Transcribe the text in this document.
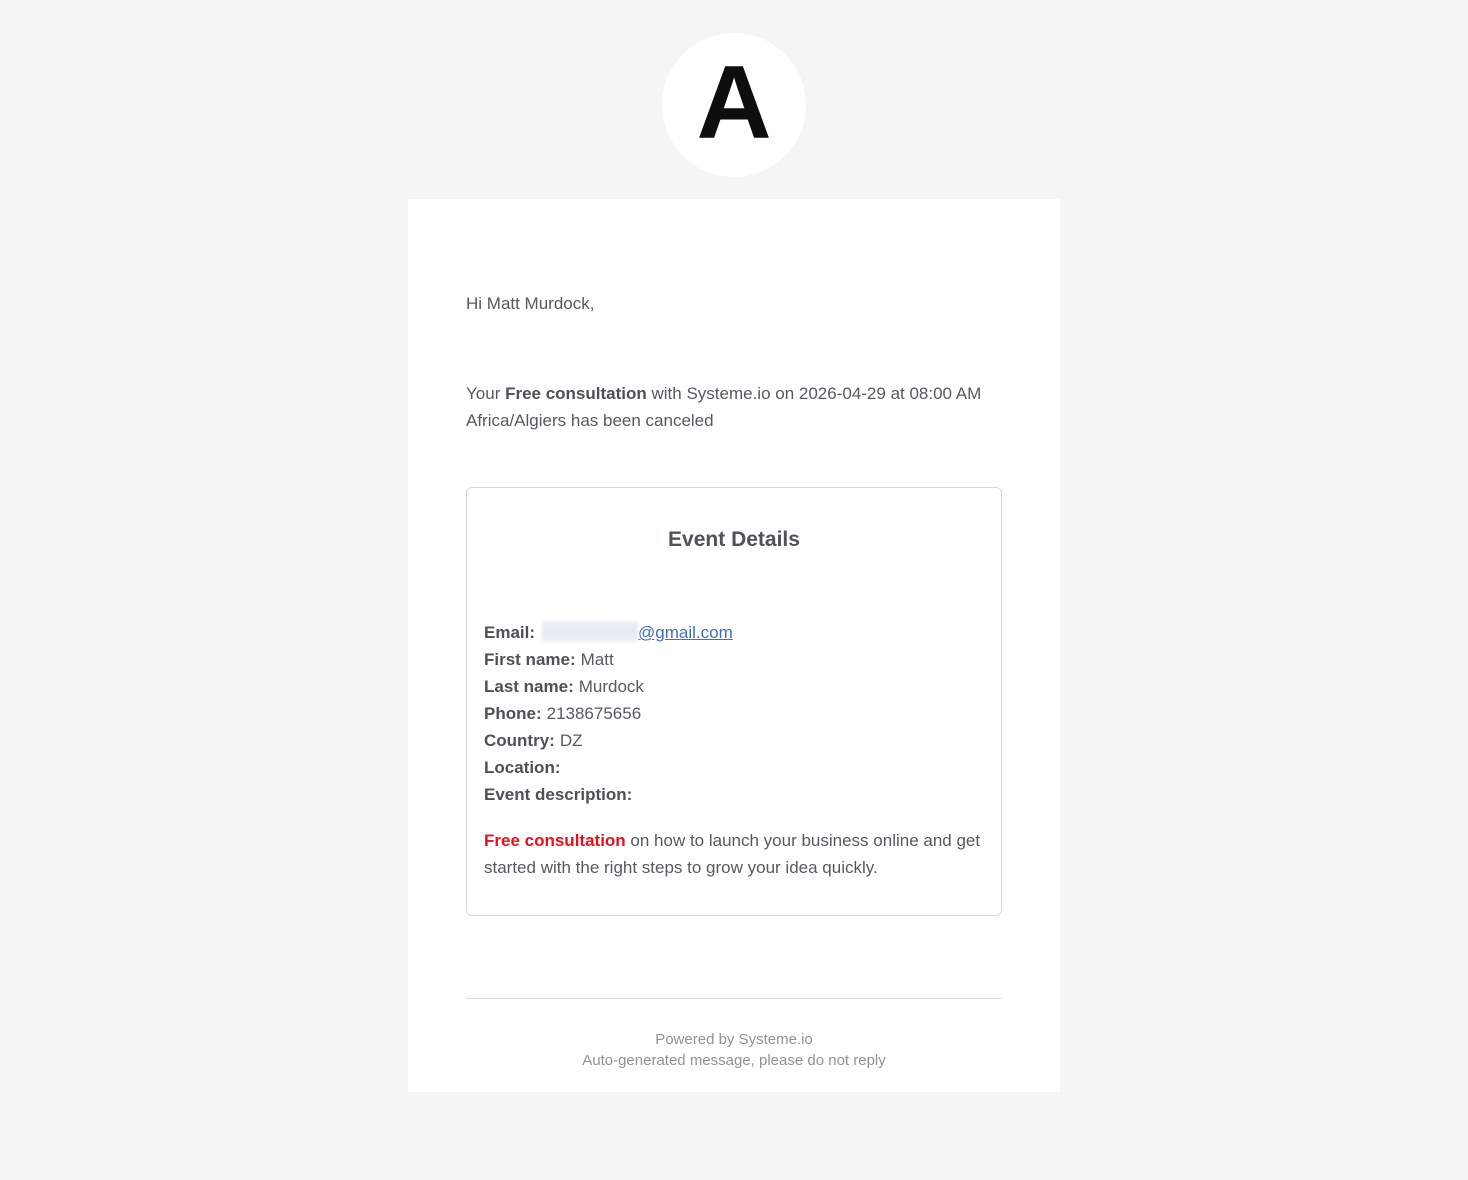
A

Hi Matt Murdock,

Your Free consultation with Systeme.io on 2026-04-29 at 08:00 AM Africa/Algiers has been canceled

Event Details
Email:	@gmail.com
First name: Matt
Last name: Murdock
Phone: 2138675656
Country: DZ
Location:
Event description:

Free consultation on how to launch your business online and get started with the right steps to grow your idea quickly.

Powered by Systeme.io
Auto-generated message, please do not reply
